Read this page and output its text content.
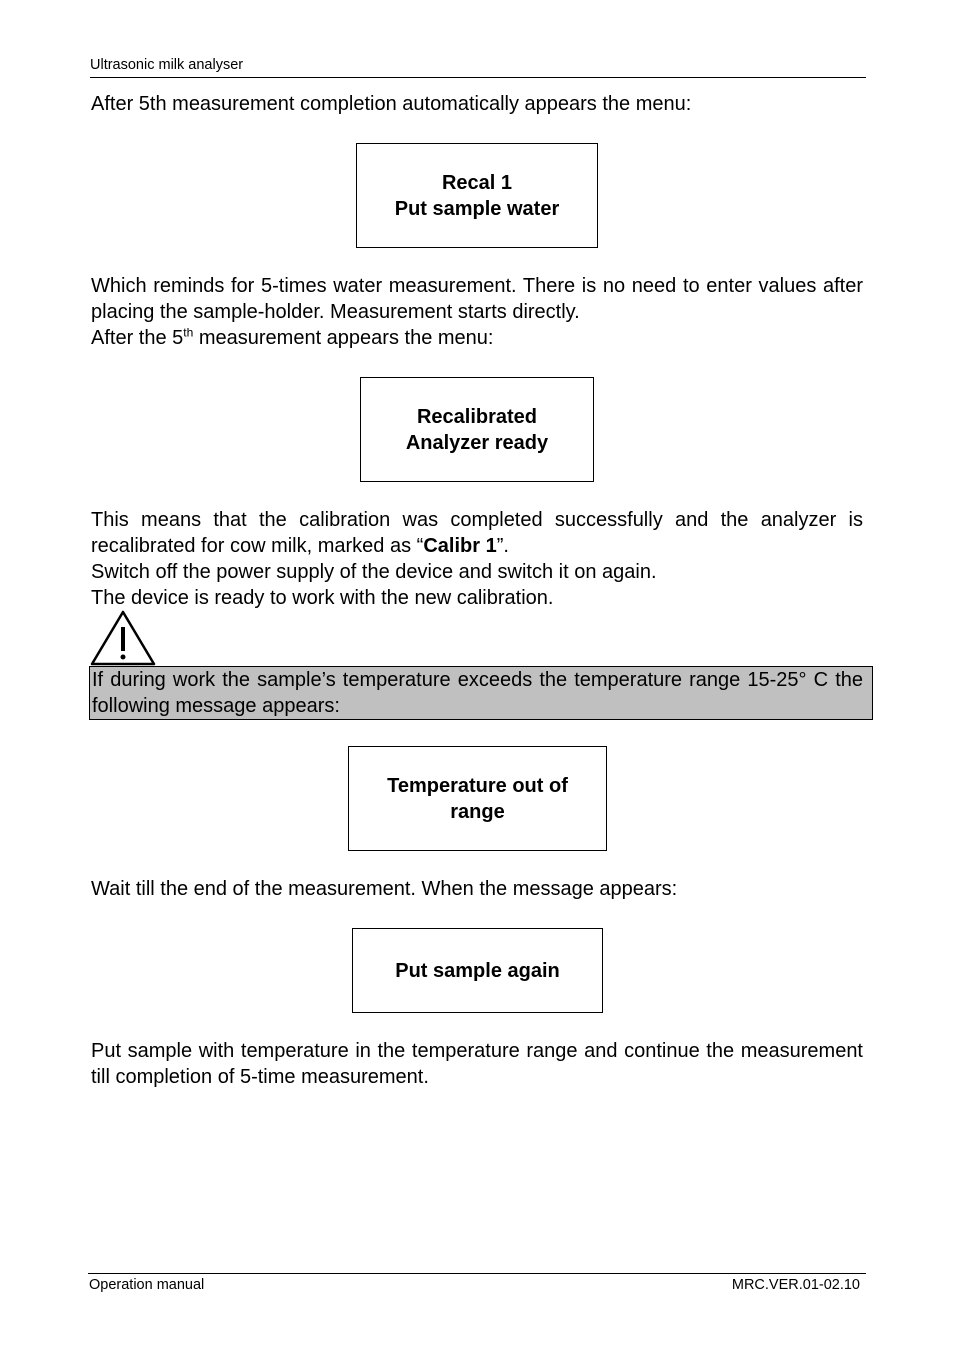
Ultrasonic milk analyser

After 5th measurement completion automatically appears the menu:

Recal 1
Put sample water

Which reminds for 5-times water measurement. There is no need to enter values after placing the sample-holder. Measurement starts directly.

After the 5th measurement appears the menu:

Recalibrated
Analyzer ready

This means that the calibration was completed successfully and the analyzer is recalibrated for cow milk, marked as “Calibr 1”.

Switch off the power supply of the device and switch it on again.

The device is ready to work with the new calibration.

If during work the sample’s temperature exceeds the temperature range 15-25° C the following message appears:

Temperature out of
range

Wait till the end of the measurement. When the message appears:

Put sample again

Put sample with temperature in the temperature range and continue the measurement till completion of 5-time measurement.

Operation manual	MRC.VER.01-02.10
